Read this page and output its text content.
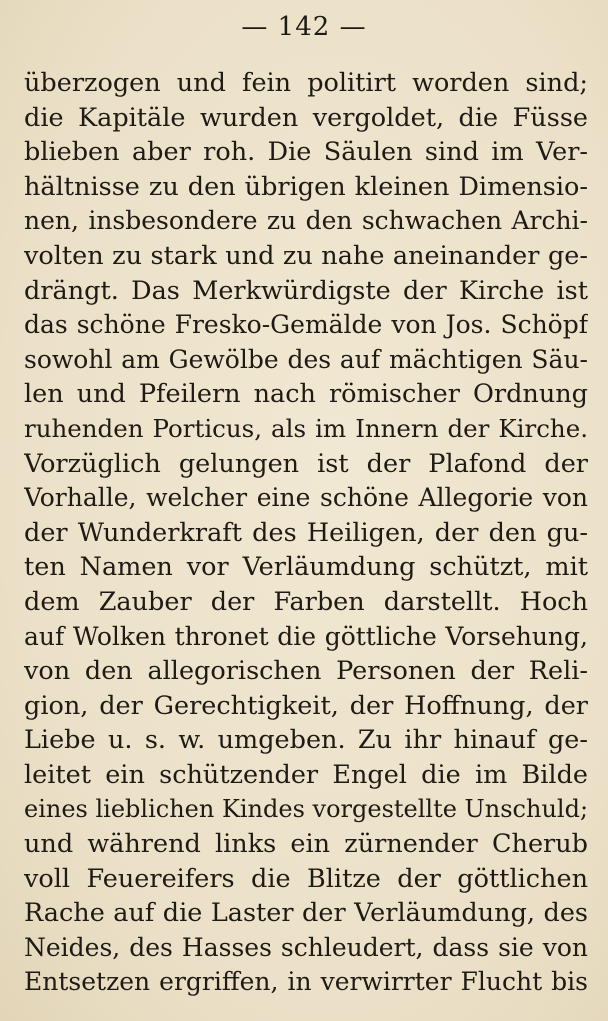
— 142 —
überzogen und fein politirt worden sind;
die Kapitäle wurden vergoldet, die Füsse
blieben aber roh. Die Säulen sind im Ver-
hältnisse zu den übrigen kleinen Dimensio-
nen, insbesondere zu den schwachen Archi-
volten zu stark und zu nahe aneinander ge-
drängt. Das Merkwürdigste der Kirche ist
das schöne Fresko-Gemälde von Jos. Schöpf
sowohl am Gewölbe des auf mächtigen Säu-
len und Pfeilern nach römischer Ordnung
ruhenden Porticus, als im Innern der Kirche.
Vorzüglich gelungen ist der Plafond der
Vorhalle, welcher eine schöne Allegorie von
der Wunderkraft des Heiligen, der den gu-
ten Namen vor Verläumdung schützt, mit
dem Zauber der Farben darstellt. Hoch
auf Wolken thronet die göttliche Vorsehung,
von den allegorischen Personen der Reli-
gion, der Gerechtigkeit, der Hoffnung, der
Liebe u. s. w. umgeben. Zu ihr hinauf ge-
leitet ein schützender Engel die im Bilde
eines lieblichen Kindes vorgestellte Unschuld;
und während links ein zürnender Cherub
voll Feuereifers die Blitze der göttlichen
Rache auf die Laster der Verläumdung, des
Neides, des Hasses schleudert, dass sie von
Entsetzen ergriffen, in verwirrter Flucht bis
